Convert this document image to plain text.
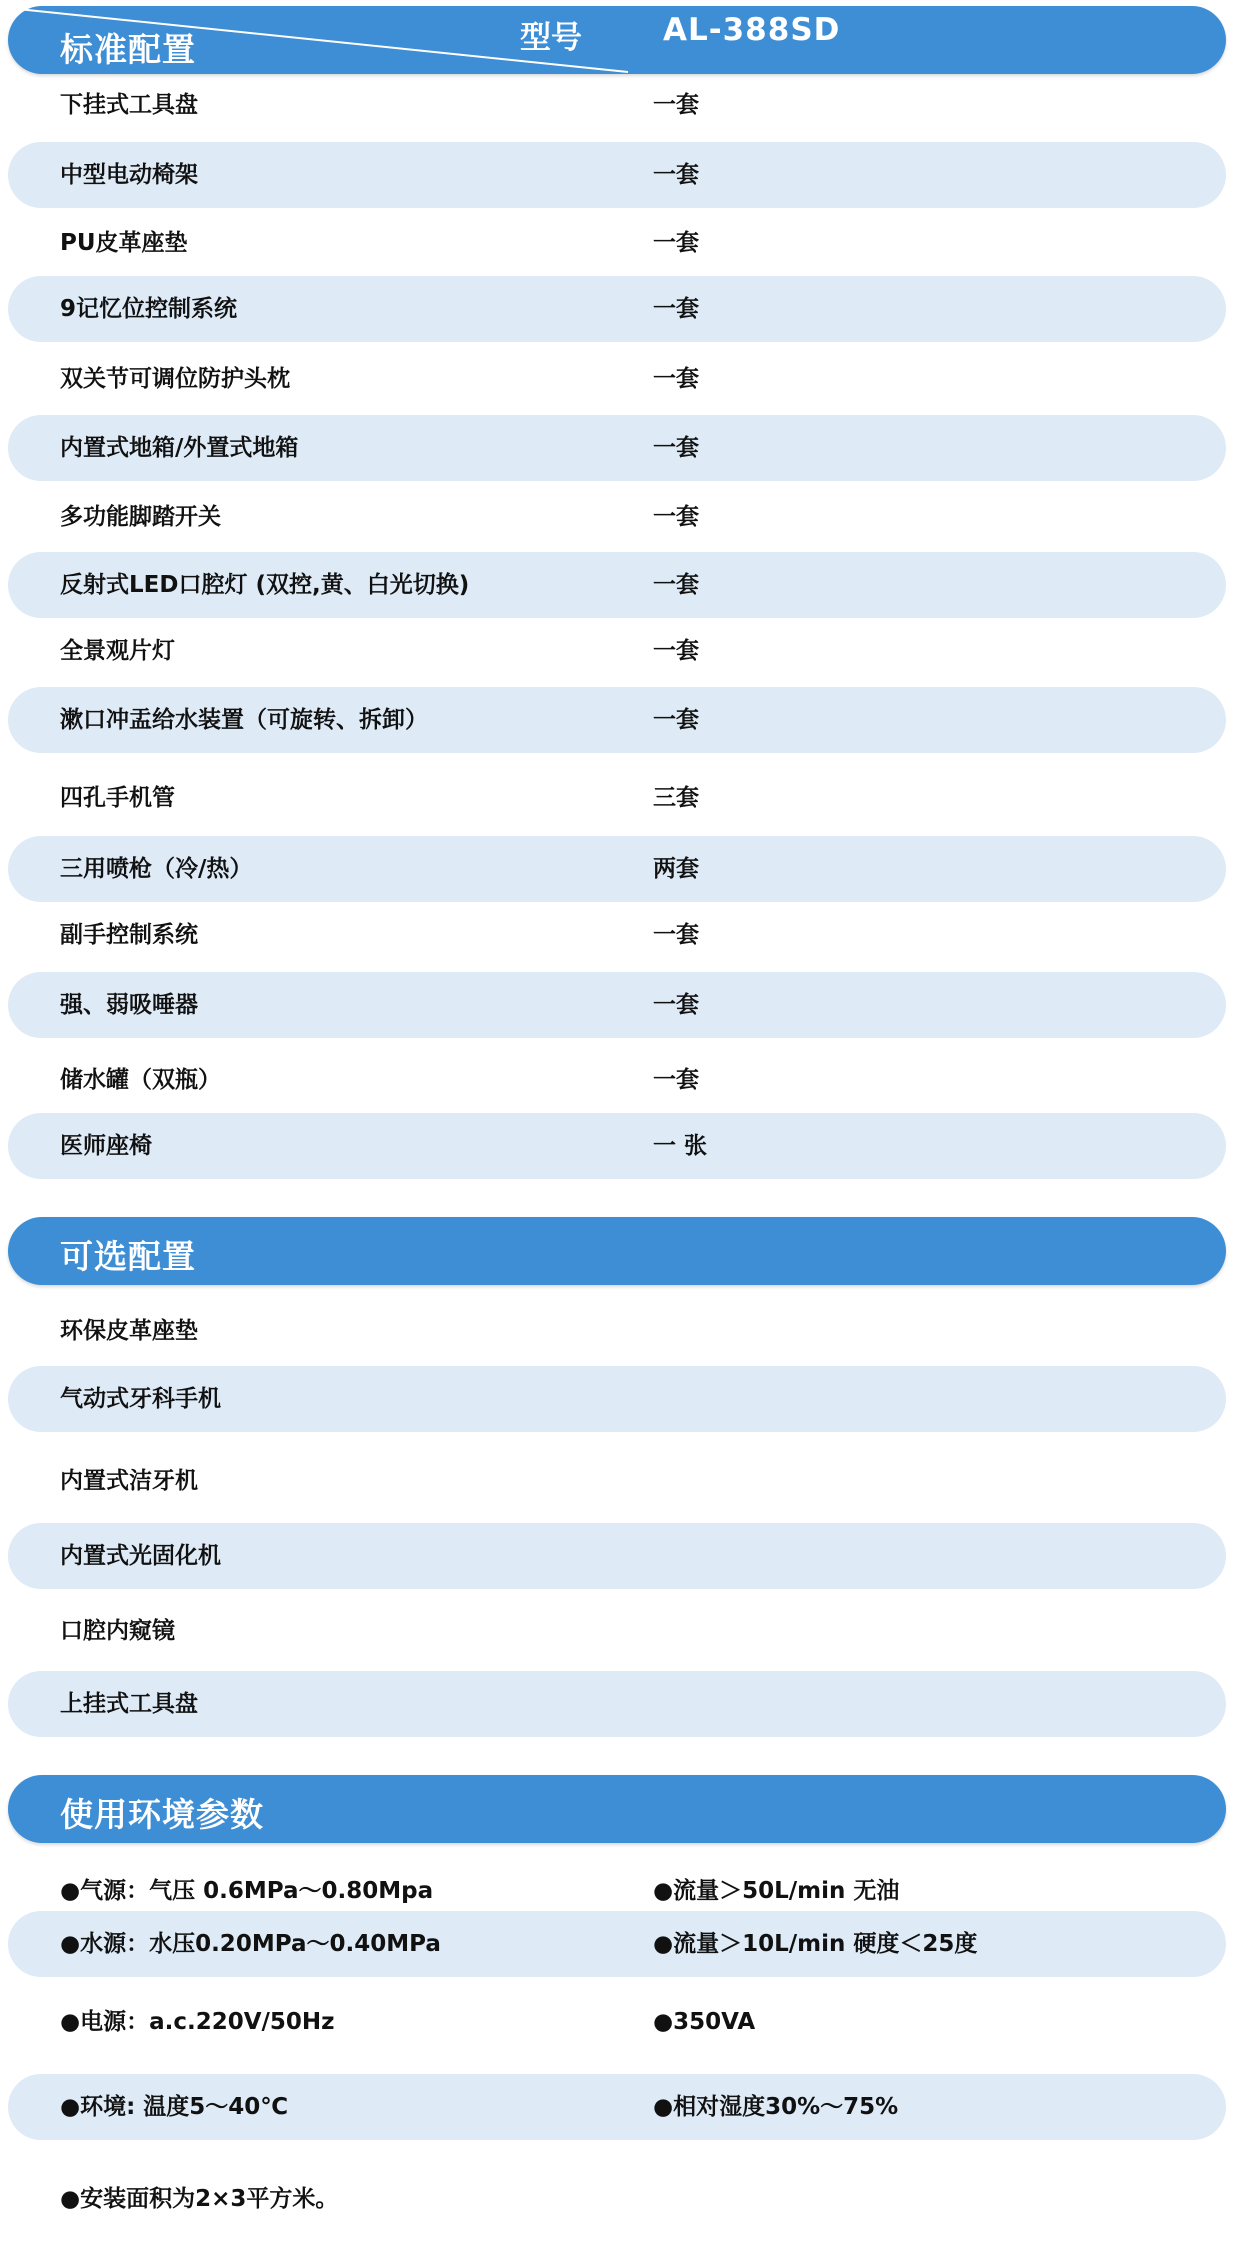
标准配置	型号	AL-388SD
下挂式工具盘	一套
中型电动椅架	一套
PU皮革座垫	一套
9记忆位控制系统	一套
双关节可调位防护头枕	一套
内置式地箱/外置式地箱	一套
多功能脚踏开关	一套
反射式LED口腔灯 (双控,黄、白光切换)	一套
全景观片灯	一套
漱口冲盂给水装置（可旋转、拆卸）	一套
四孔手机管	三套
三用喷枪（冷/热）	两套
副手控制系统	一套
强、弱吸唾器	一套
储水罐（双瓶）	一套
医师座椅	一 张
可选配置
环保皮革座垫
气动式牙科手机
内置式洁牙机
内置式光固化机
口腔内窥镜
上挂式工具盘
使用环境参数
●气源：气压 0.6MPa～0.80Mpa	●流量＞50L/min 无油
●水源：水压0.20MPa～0.40MPa	●流量＞10L/min 硬度＜25度
●电源：a.c.220V/50Hz	●350VA
●环境: 温度5～40℃	●相对湿度30%～75%
●安装面积为2×3平方米。
